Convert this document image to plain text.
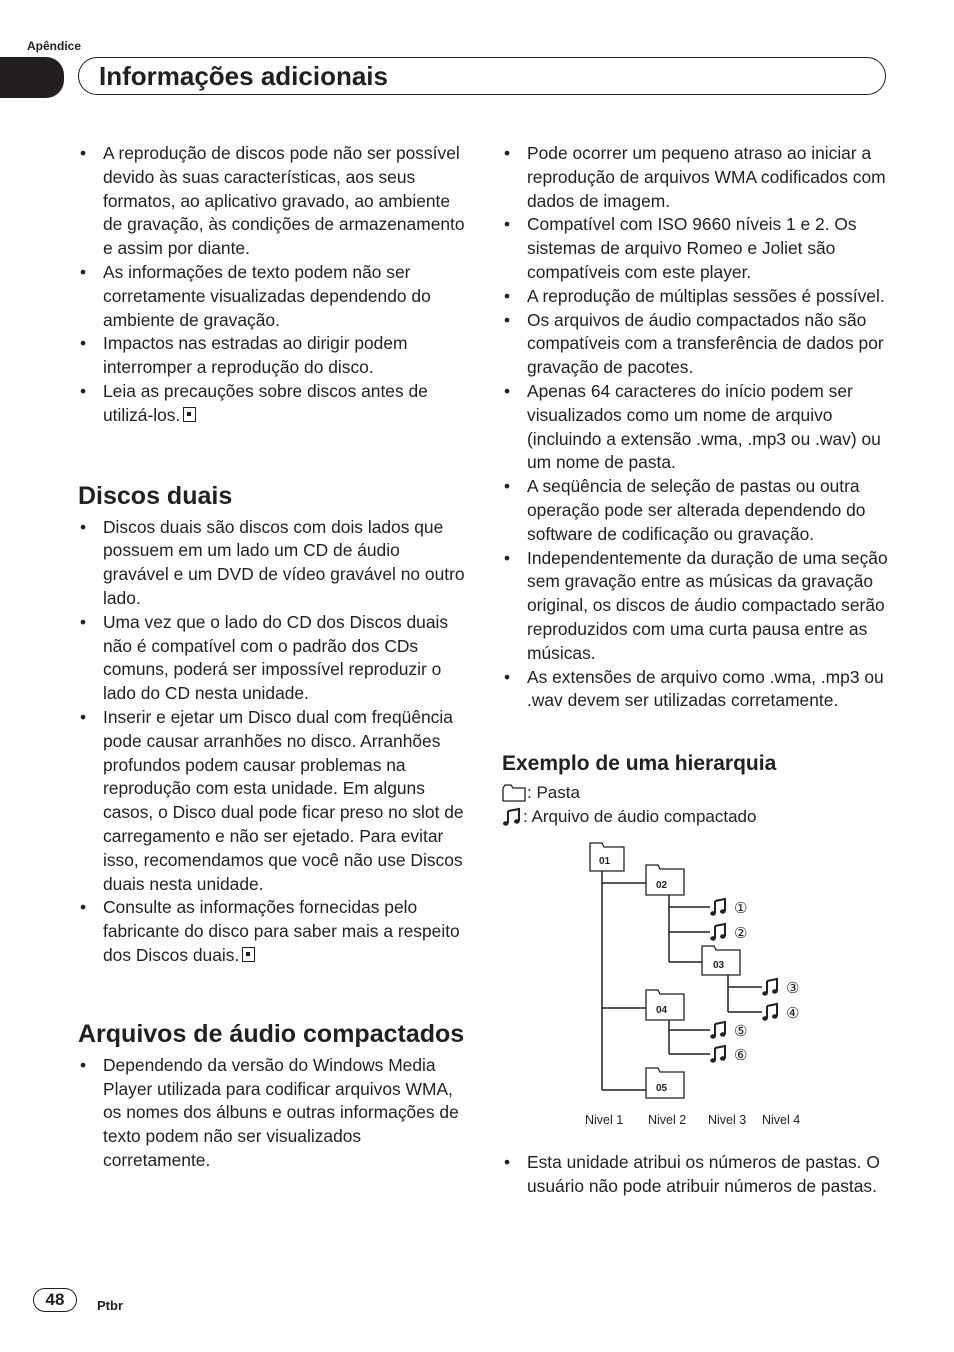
Apêndice
Informações adicionais
• A reprodução de discos pode não ser possível devido às suas características, aos seus formatos, ao aplicativo gravado, ao ambiente de gravação, às condições de armazenamento e assim por diante.
• As informações de texto podem não ser corretamente visualizadas dependendo do ambiente de gravação.
• Impactos nas estradas ao dirigir podem interromper a reprodução do disco.
• Leia as precauções sobre discos antes de utilizá-los.
Discos duais
• Discos duais são discos com dois lados que possuem em um lado um CD de áudio gravável e um DVD de vídeo gravável no outro lado.
• Uma vez que o lado do CD dos Discos duais não é compatível com o padrão dos CDs comuns, poderá ser impossível reproduzir o lado do CD nesta unidade.
• Inserir e ejetar um Disco dual com freqüência pode causar arranhões no disco. Arranhões profundos podem causar problemas na reprodução com esta unidade. Em alguns casos, o Disco dual pode ficar preso no slot de carregamento e não ser ejetado. Para evitar isso, recomendamos que você não use Discos duais nesta unidade.
• Consulte as informações fornecidas pelo fabricante do disco para saber mais a respeito dos Discos duais.
Arquivos de áudio compactados
• Dependendo da versão do Windows Media Player utilizada para codificar arquivos WMA, os nomes dos álbuns e outras informações de texto podem não ser visualizados corretamente.
• Pode ocorrer um pequeno atraso ao iniciar a reprodução de arquivos WMA codificados com dados de imagem.
• Compatível com ISO 9660 níveis 1 e 2. Os sistemas de arquivo Romeo e Joliet são compatíveis com este player.
• A reprodução de múltiplas sessões é possível.
• Os arquivos de áudio compactados não são compatíveis com a transferência de dados por gravação de pacotes.
• Apenas 64 caracteres do início podem ser visualizados como um nome de arquivo (incluindo a extensão .wma, .mp3 ou .wav) ou um nome de pasta.
• A seqüência de seleção de pastas ou outra operação pode ser alterada dependendo do software de codificação ou gravação.
• Independentemente da duração de uma seção sem gravação entre as músicas da gravação original, os discos de áudio compactado serão reproduzidos com uma curta pausa entre as músicas.
• As extensões de arquivo como .wma, .mp3 ou .wav devem ser utilizadas corretamente.
Exemplo de uma hierarquia
: Pasta
: Arquivo de áudio compactado
01
02
03
04
05
①
②
③
④
⑤
⑥
Nivel 1 Nivel 2 Nivel 3 Nivel 4
• Esta unidade atribui os números de pastas. O usuário não pode atribuir números de pastas.
48	Ptbr
